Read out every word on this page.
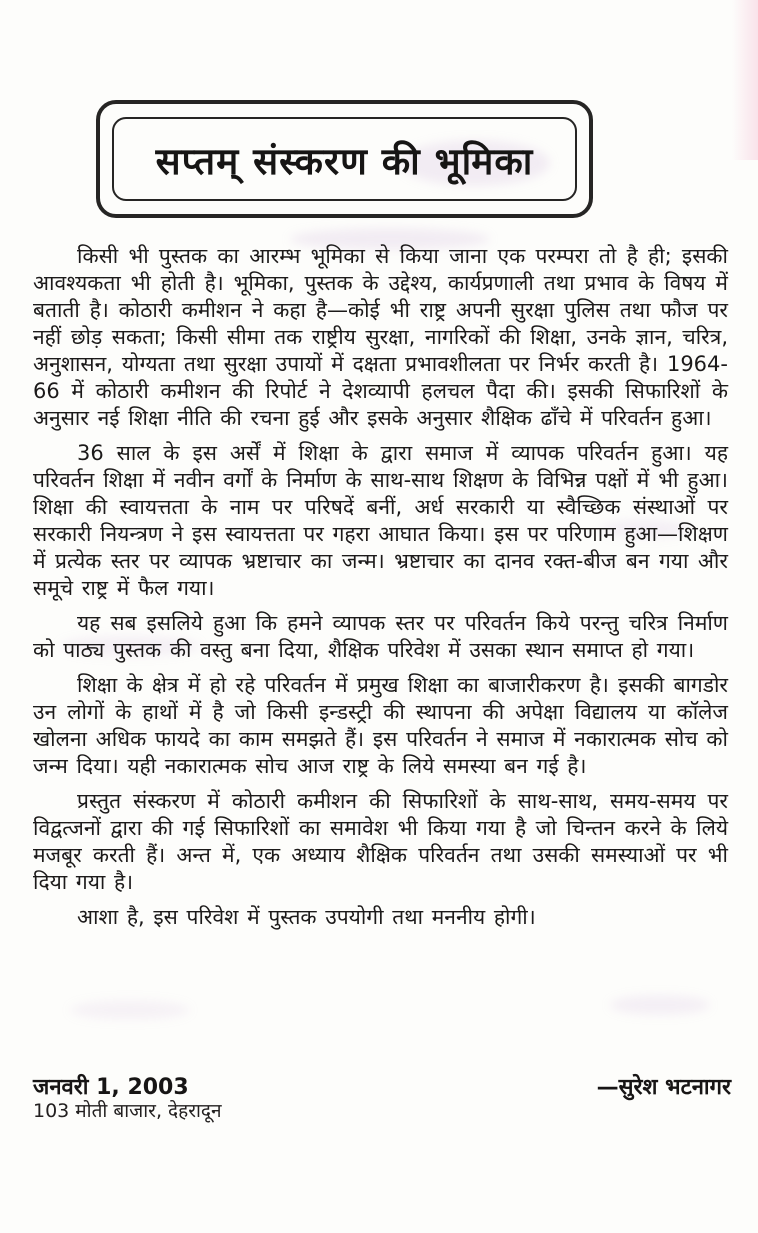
सप्तम् संस्करण की भूमिका

किसी भी पुस्तक का आरम्भ भूमिका से किया जाना एक परम्परा तो है ही; इसकी आवश्यकता भी होती है। भूमिका, पुस्तक के उद्देश्य, कार्यप्रणाली तथा प्रभाव के विषय में बताती है। कोठारी कमीशन ने कहा है—कोई भी राष्ट्र अपनी सुरक्षा पुलिस तथा फौज पर नहीं छोड़ सकता; किसी सीमा तक राष्ट्रीय सुरक्षा, नागरिकों की शिक्षा, उनके ज्ञान, चरित्र, अनुशासन, योग्यता तथा सुरक्षा उपायों में दक्षता प्रभावशीलता पर निर्भर करती है। 1964-66 में कोठारी कमीशन की रिपोर्ट ने देशव्यापी हलचल पैदा की। इसकी सिफारिशों के अनुसार नई शिक्षा नीति की रचना हुई और इसके अनुसार शैक्षिक ढाँचे में परिवर्तन हुआ।

36 साल के इस अर्सें में शिक्षा के द्वारा समाज में व्यापक परिवर्तन हुआ। यह परिवर्तन शिक्षा में नवीन वर्गों के निर्माण के साथ-साथ शिक्षण के विभिन्न पक्षों में भी हुआ। शिक्षा की स्वायत्तता के नाम पर परिषदें बनीं, अर्ध सरकारी या स्वैच्छिक संस्थाओं पर सरकारी नियन्त्रण ने इस स्वायत्तता पर गहरा आघात किया। इस पर परिणाम हुआ—शिक्षण में प्रत्येक स्तर पर व्यापक भ्रष्टाचार का जन्म। भ्रष्टाचार का दानव रक्त-बीज बन गया और समूचे राष्ट्र में फैल गया।

यह सब इसलिये हुआ कि हमने व्यापक स्तर पर परिवर्तन किये परन्तु चरित्र निर्माण को पाठ्य पुस्तक की वस्तु बना दिया, शैक्षिक परिवेश में उसका स्थान समाप्त हो गया।

शिक्षा के क्षेत्र में हो रहे परिवर्तन में प्रमुख शिक्षा का बाजारीकरण है। इसकी बागडोर उन लोगों के हाथों में है जो किसी इन्डस्ट्री की स्थापना की अपेक्षा विद्यालय या कॉलेज खोलना अधिक फायदे का काम समझते हैं। इस परिवर्तन ने समाज में नकारात्मक सोच को जन्म दिया। यही नकारात्मक सोच आज राष्ट्र के लिये समस्या बन गई है।

प्रस्तुत संस्करण में कोठारी कमीशन की सिफारिशों के साथ-साथ, समय-समय पर विद्वत्जनों द्वारा की गई सिफारिशों का समावेश भी किया गया है जो चिन्तन करने के लिये मजबूर करती हैं। अन्त में, एक अध्याय शैक्षिक परिवर्तन तथा उसकी समस्याओं पर भी दिया गया है।

आशा है, इस परिवेश में पुस्तक उपयोगी तथा मननीय होगी।

जनवरी 1, 2003
103 मोती बाजार, देहरादून
—सुरेश भटनागर
